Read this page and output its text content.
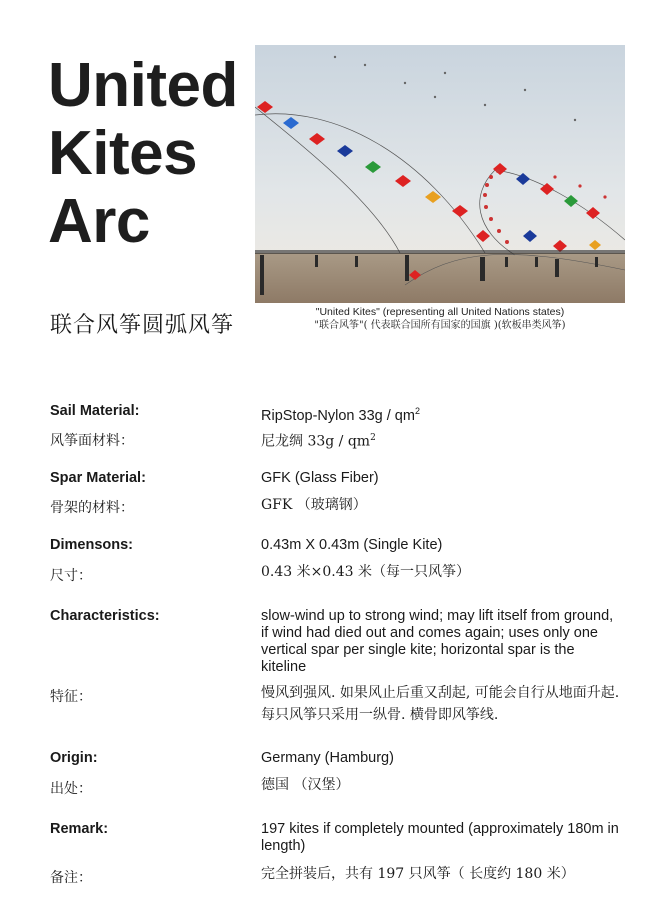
United
Kites
Arc
联合风筝圆弧风筝
"United Kites" (representing all United Nations states)
"联合风筝"( 代表联合国所有国家的国旗 )(软板串类风筝)
Sail Material:	RipStop-Nylon $33g / qm^2$
风筝面材料：	尼龙绸 $33g / qm^2$
Spar Material:	GFK (Glass Fiber)
骨架的材料：	GFK （玻璃钢）
Dimensons:	0.43m X 0.43m (Single Kite)
尺寸：	0.43 米×0.43 米（每一只风筝）
Characteristics:	slow-wind up to strong wind; may lift itself from ground, if wind had died out and comes again; uses only one vertical spar per single kite; horizontal spar is the kiteline
特征：	慢风到强风. 如果风止后重又刮起, 可能会自行从地面升起. 每只风筝只采用一纵骨. 横骨即风筝线.
Origin:	Germany (Hamburg)
出处：	德国 （汉堡）
Remark:	197 kites if completely mounted (approximately 180m in length)
备注：	完全拼装后，共有 197 只风筝（ 长度约 180 米）
